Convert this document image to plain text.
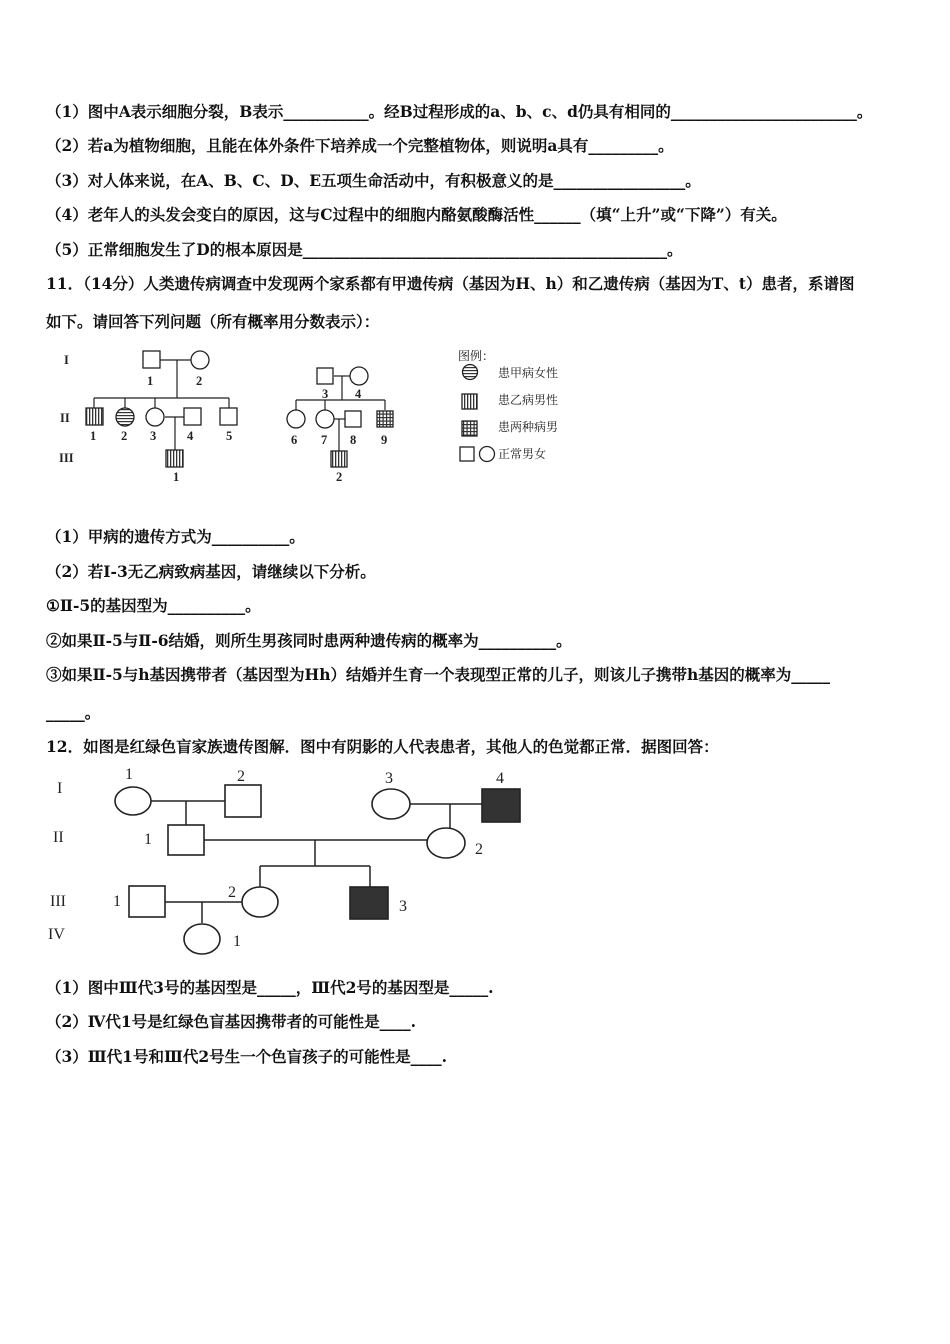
（1）图中A表示细胞分裂，B表示___________。经B过程形成的a、b、c、d仍具有相同的________________________。
（2）若a为植物细胞，且能在体外条件下培养成一个完整植物体，则说明a具有_________。
（3）对人体来说，在A、B、C、D、E五项生命活动中，有积极意义的是_________________。
（4）老年人的头发会变白的原因，这与C过程中的细胞内酪氨酸酶活性______（填“上升”或“下降”）有关。
（5）正常细胞发生了D的根本原因是_______________________________________________。
11．（14分）人类遗传病调查中发现两个家系都有甲遗传病（基因为H、h）和乙遗传病（基因为T、t）患者，系谱图
如下。请回答下列问题（所有概率用分数表示）：
I
II
III
1	2
1 2 3 4	5
1
3 4
6 7 8 9
2
图例：
患甲病女性
患乙病男性
患两种病男
正常男女
（1）甲病的遗传方式为__________。
（2）若I-3无乙病致病基因，请继续以下分析。
①Ⅱ-5的基因型为__________。
②如果Ⅱ-5与Ⅱ-6结婚，则所生男孩同时患两种遗传病的概率为__________。
③如果Ⅱ-5与h基因携带者（基因型为Hh）结婚并生育一个表现型正常的儿子，则该儿子携带h基因的概率为_____
_____。
12．如图是红绿色盲家族遗传图解．图中有阴影的人代表患者，其他人的色觉都正常．据图回答：
I
II
III
IV
1	2	3	4
1
2
1
2
3
1
（1）图中Ⅲ代3号的基因型是_____，Ⅲ代2号的基因型是_____.
（2）Ⅳ代1号是红绿色盲基因携带者的可能性是____.
（3）Ⅲ代1号和Ⅲ代2号生一个色盲孩子的可能性是____.
